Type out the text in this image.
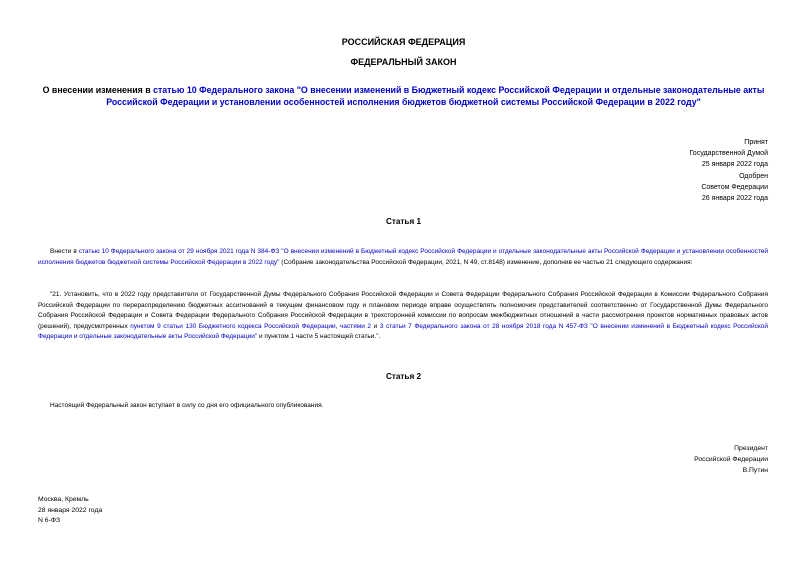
РОССИЙСКАЯ ФЕДЕРАЦИЯ
ФЕДЕРАЛЬНЫЙ ЗАКОН
О внесении изменения в статью 10 Федерального закона "О внесении изменений в Бюджетный кодекс Российской Федерации и отдельные законодательные акты Российской Федерации и установлении особенностей исполнения бюджетов бюджетной системы Российской Федерации в 2022 году"
Принят
Государственной Думой
25 января 2022 года
Одобрен
Советом Федерации
26 января 2022 года
Статья 1
Внести в статью 10 Федерального закона от 29 ноября 2021 года N 384-ФЗ "О внесении изменений в Бюджетный кодекс Российской Федерации и отдельные законодательные акты Российской Федерации и установлении особенностей исполнения бюджетов бюджетной системы Российской Федерации в 2022 году" (Собрание законодательства Российской Федерации, 2021, N 49, ст.8148) изменение, дополнив ее частью 21 следующего содержания:
"21. Установить, что в 2022 году представители от Государственной Думы Федерального Собрания Российской Федерации и Совета Федерации Федерального Собрания Российской Федерации в Комиссии Федерального Собрания Российской Федерации по перераспределению бюджетных ассигнований в текущем финансовом году и плановом периоде вправе осуществлять полномочия представителей соответственно от Государственной Думы Федерального Собрания Российской Федерации и Совета Федерации Федерального Собрания Российской Федерации в трехсторонней комиссии по вопросам межбюджетных отношений в части рассмотрения проектов нормативных правовых актов (решений), предусмотренных пунктом 9 статьи 130 Бюджетного кодекса Российской Федерации, частями 2 и 3 статьи 7 Федерального закона от 28 ноября 2018 года N 457-ФЗ "О внесении изменений в Бюджетный кодекс Российской Федерации и отдельные законодательные акты Российской Федерации" и пунктом 1 части 5 настоящей статьи.".
Статья 2
Настоящий Федеральный закон вступает в силу со дня его официального опубликования.
Президент
Российской Федерации
В.Путин
Москва, Кремль
28 января 2022 года
N 6-ФЗ
